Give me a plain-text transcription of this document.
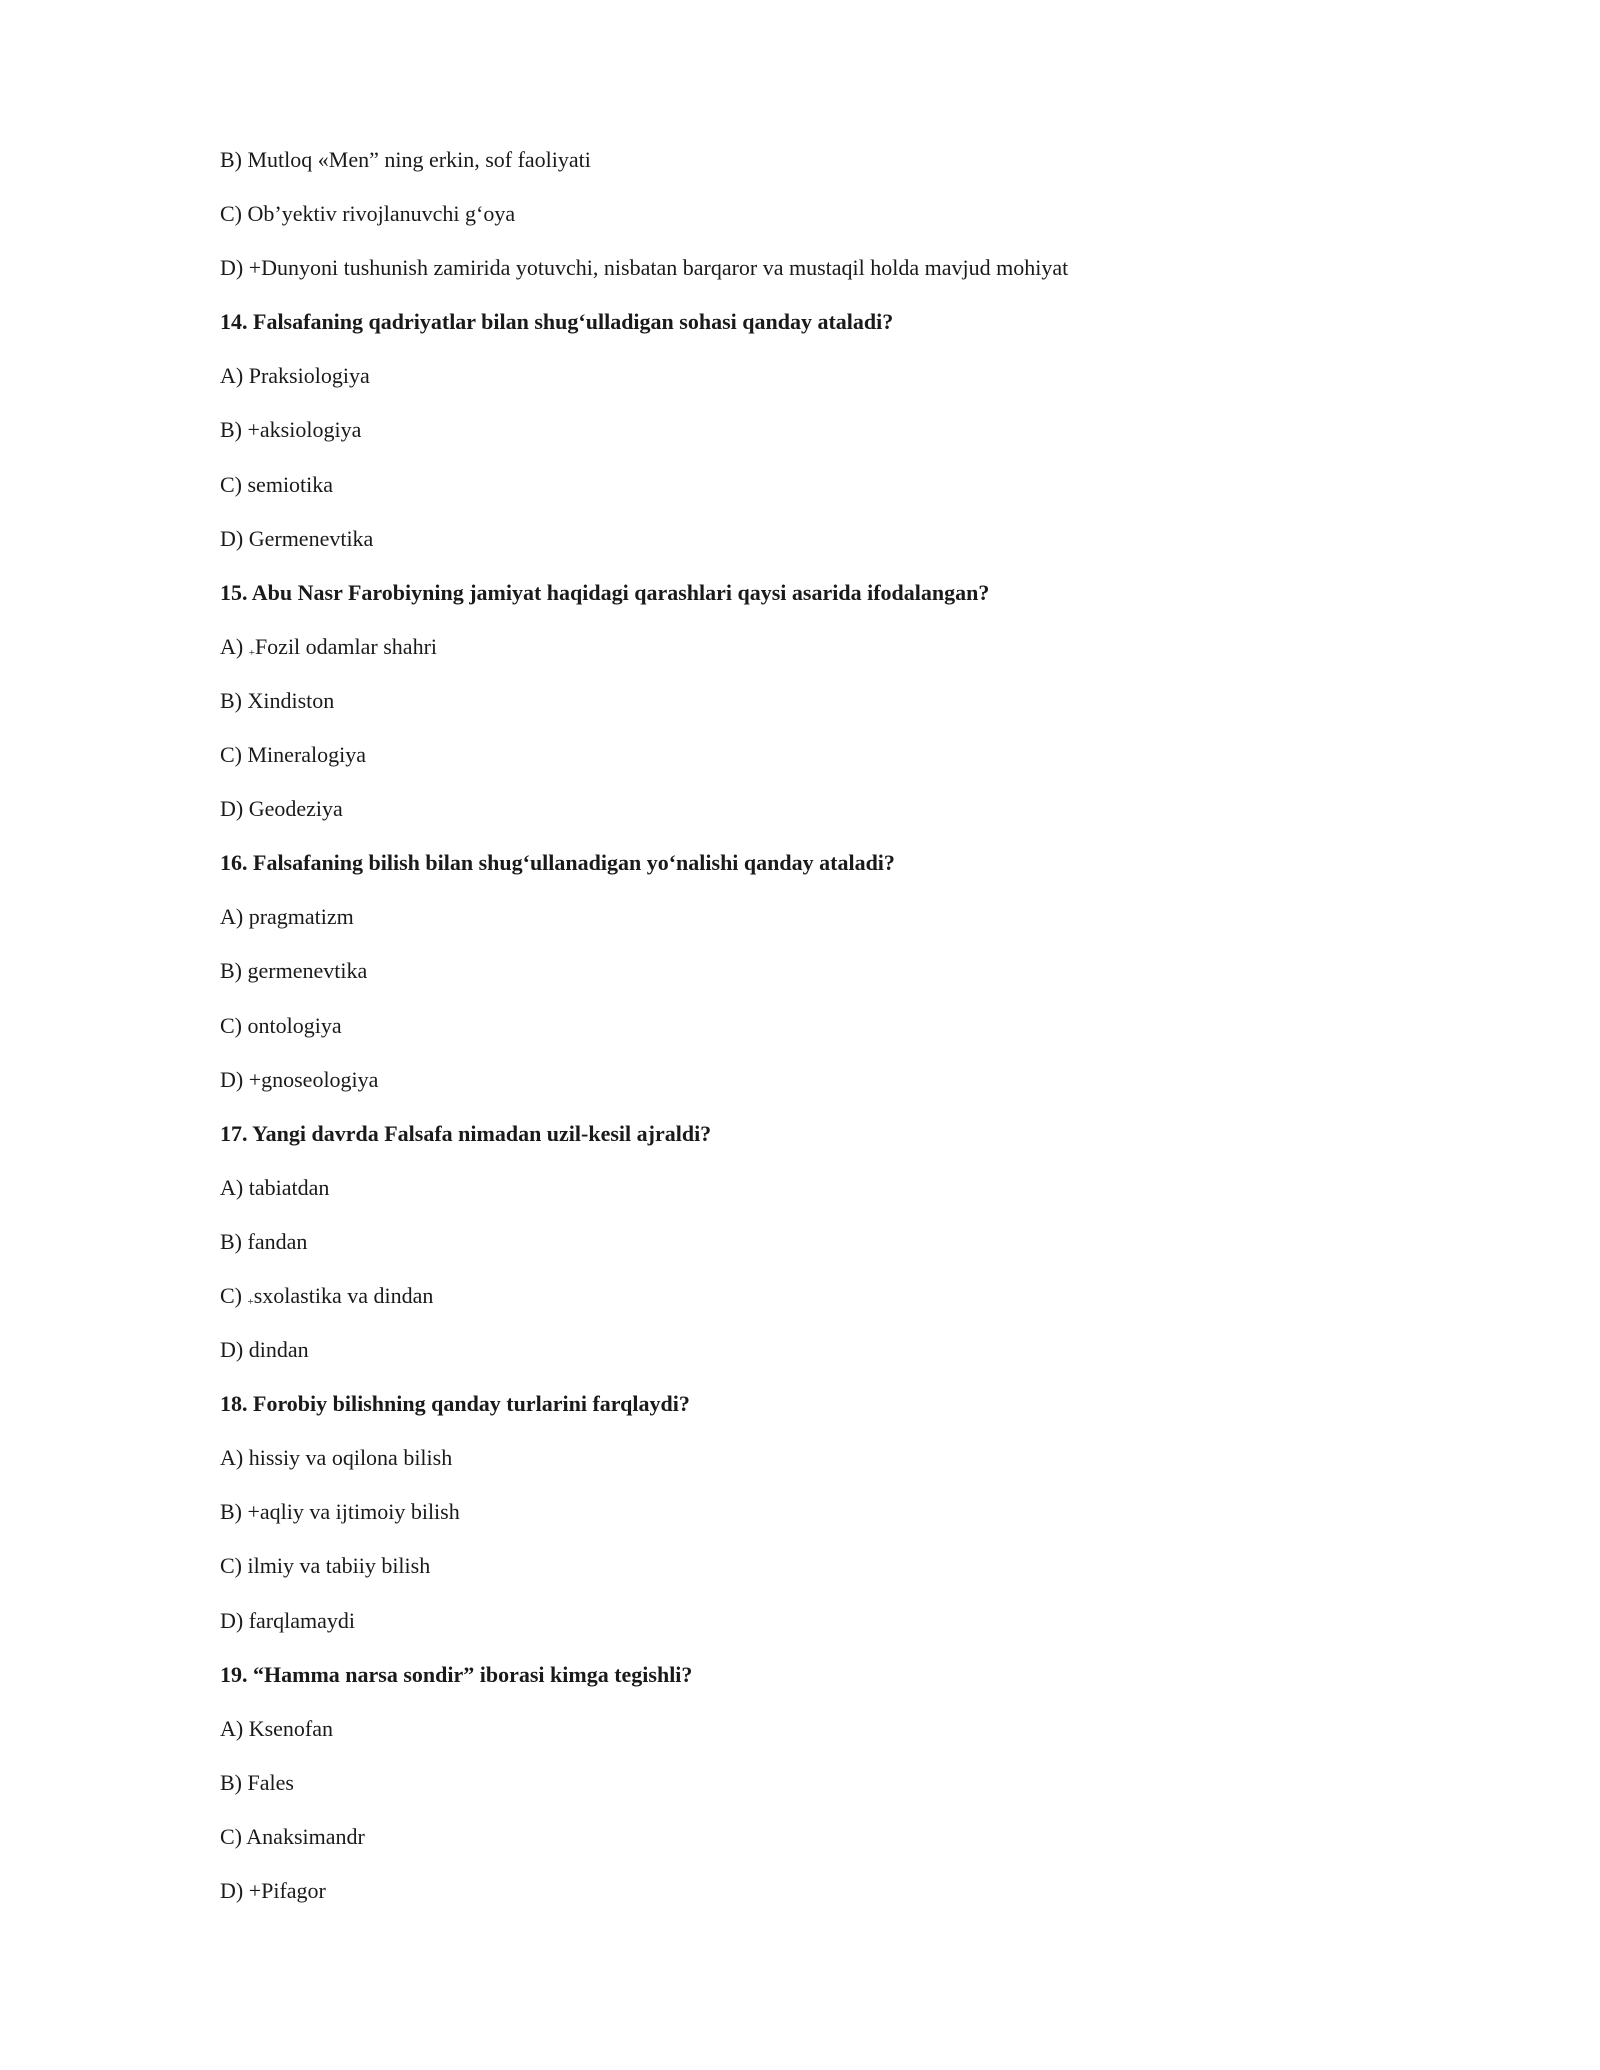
B) Mutloq «Men” ning erkin, sof faoliyati
C) Ob’yektiv rivojlanuvchi g‘oya
D) +Dunyoni tushunish zamirida yotuvchi, nisbatan barqaror va mustaqil holda mavjud mohiyat
14. Falsafaning qadriyatlar bilan shug‘ulladigan sohasi qanday ataladi?
A) Praksiologiya
B) +aksiologiya
C) semiotika
D) Germenevtika
15. Abu Nasr Farobiyning jamiyat haqidagi qarashlari qaysi asarida ifodalangan?
A) +Fozil odamlar shahri
B) Xindiston
C) Mineralogiya
D) Geodeziya
16. Falsafaning bilish bilan shug‘ullanadigan yo‘nalishi qanday ataladi?
A) pragmatizm
B) germenevtika
C) ontologiya
D) +gnoseologiya
17. Yangi davrda Falsafa nimadan uzil-kesil ajraldi?
A) tabiatdan
B) fandan
C) +sxolastika va dindan
D) dindan
18. Forobiy bilishning qanday turlarini farqlaydi?
A) hissiy va oqilona bilish
B) +aqliy va ijtimoiy bilish
C) ilmiy va tabiiy bilish
D) farqlamaydi
19. “Hamma narsa sondir” iborasi kimga tegishli?
A) Ksenofan
B) Fales
C) Anaksimandr
D) +Pifagor
